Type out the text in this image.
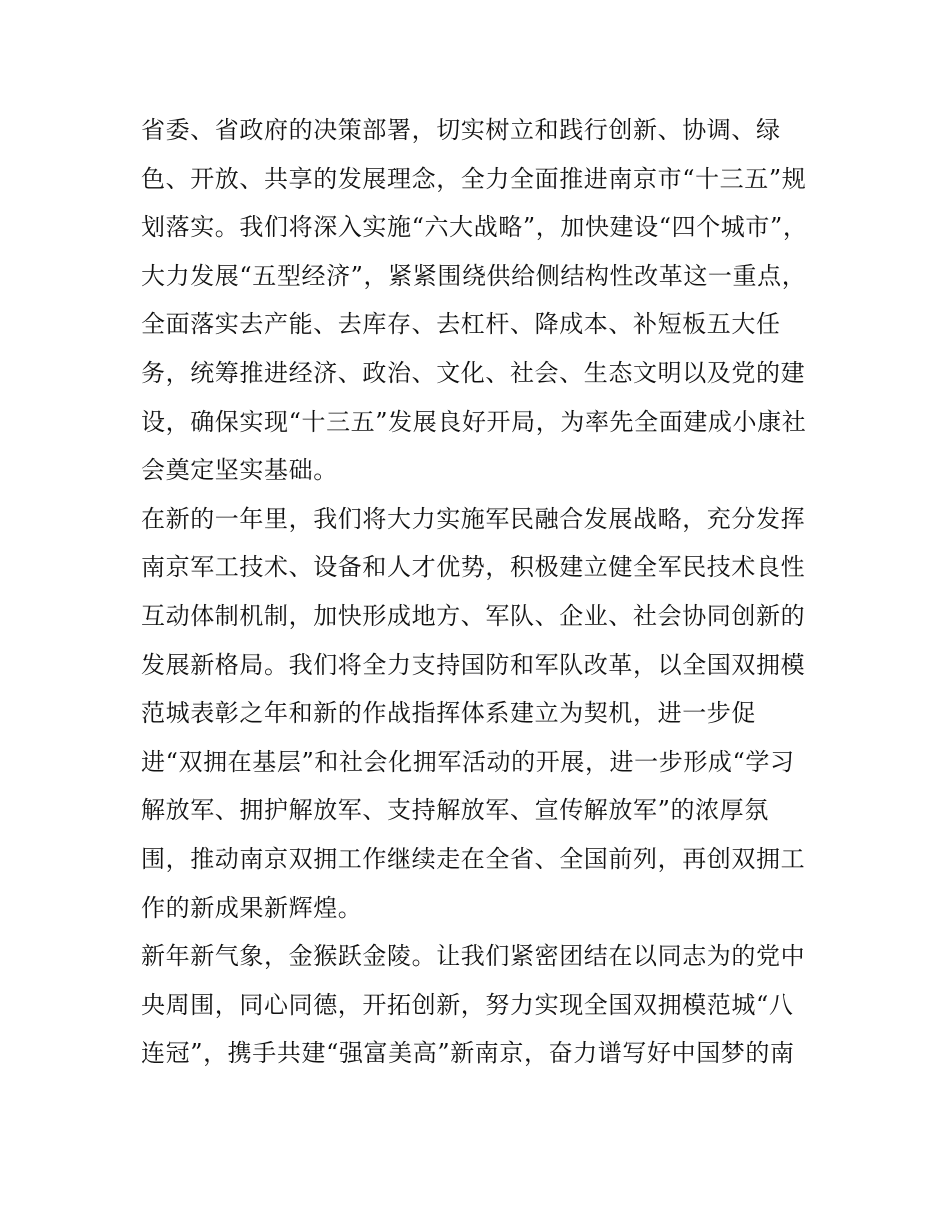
省委、省政府的决策部署，切实树立和践行创新、协调、绿
色、开放、共享的发展理念，全力全面推进南京市“十三五”规
划落实。我们将深入实施“六大战略”，加快建设“四个城市”，
大力发展“五型经济”，紧紧围绕供给侧结构性改革这一重点，
全面落实去产能、去库存、去杠杆、降成本、补短板五大任
务，统筹推进经济、政治、文化、社会、生态文明以及党的建
设，确保实现“十三五”发展良好开局，为率先全面建成小康社
会奠定坚实基础。
在新的一年里，我们将大力实施军民融合发展战略，充分发挥
南京军工技术、设备和人才优势，积极建立健全军民技术良性
互动体制机制，加快形成地方、军队、企业、社会协同创新的
发展新格局。我们将全力支持国防和军队改革，以全国双拥模
范城表彰之年和新的作战指挥体系建立为契机，进一步促
进“双拥在基层”和社会化拥军活动的开展，进一步形成“学习
解放军、拥护解放军、支持解放军、宣传解放军”的浓厚氛
围，推动南京双拥工作继续走在全省、全国前列，再创双拥工
作的新成果新辉煌。
新年新气象，金猴跃金陵。让我们紧密团结在以同志为的党中
央周围，同心同德，开拓创新，努力实现全国双拥模范城“八
连冠”，携手共建“强富美高”新南京，奋力谱写好中国梦的南
